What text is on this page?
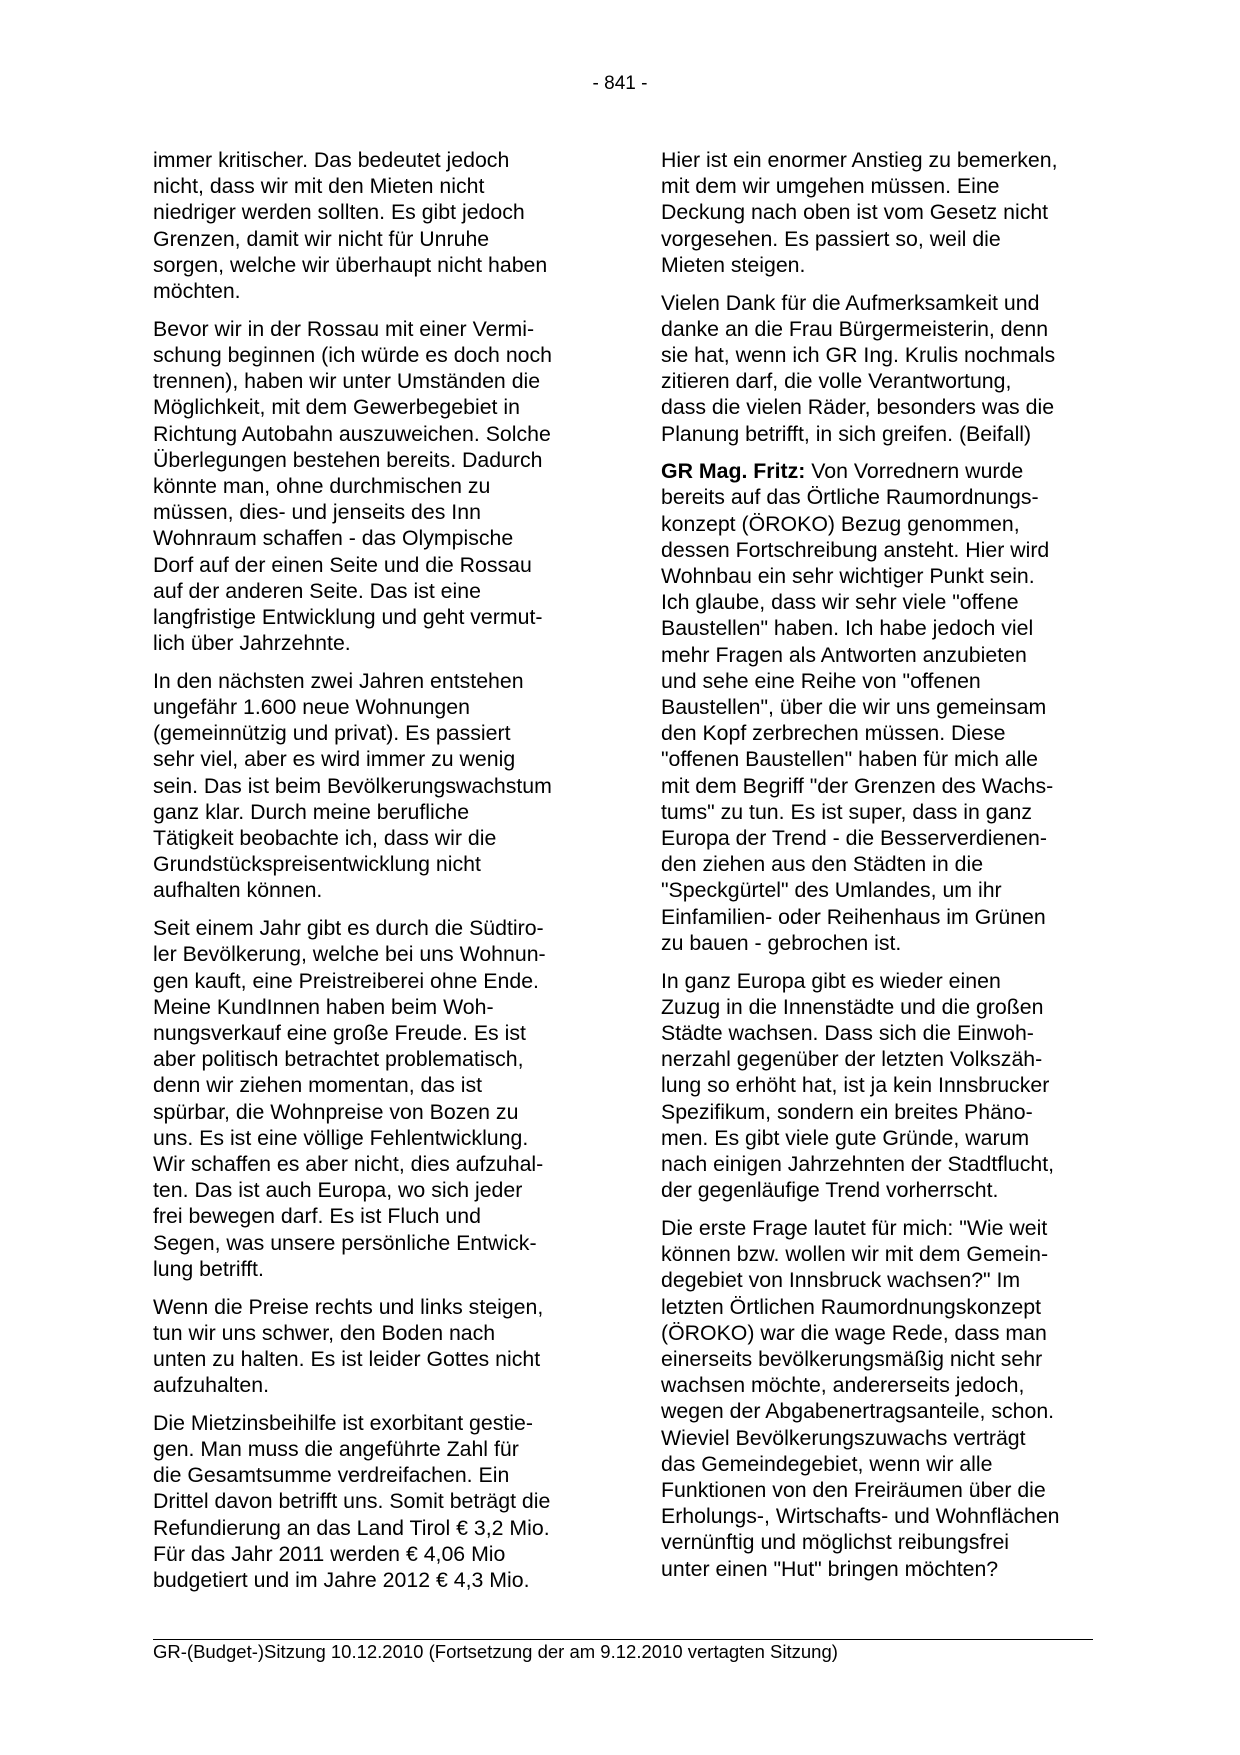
- 841 -

immer kritischer. Das bedeutet jedoch
nicht, dass wir mit den Mieten nicht
niedriger werden sollten. Es gibt jedoch
Grenzen, damit wir nicht für Unruhe
sorgen, welche wir überhaupt nicht haben
möchten.

Bevor wir in der Rossau mit einer Vermi-
schung beginnen (ich würde es doch noch
trennen), haben wir unter Umständen die
Möglichkeit, mit dem Gewerbegebiet in
Richtung Autobahn auszuweichen. Solche
Überlegungen bestehen bereits. Dadurch
könnte man, ohne durchmischen zu
müssen, dies- und jenseits des Inn
Wohnraum schaffen - das Olympische
Dorf auf der einen Seite und die Rossau
auf der anderen Seite. Das ist eine
langfristige Entwicklung und geht vermut-
lich über Jahrzehnte.

In den nächsten zwei Jahren entstehen
ungefähr 1.600 neue Wohnungen
(gemeinnützig und privat). Es passiert
sehr viel, aber es wird immer zu wenig
sein. Das ist beim Bevölkerungswachstum
ganz klar. Durch meine berufliche
Tätigkeit beobachte ich, dass wir die
Grundstückspreisentwicklung nicht
aufhalten können.

Seit einem Jahr gibt es durch die Südtiro-
ler Bevölkerung, welche bei uns Wohnun-
gen kauft, eine Preistreiberei ohne Ende.
Meine KundInnen haben beim Woh-
nungsverkauf eine große Freude. Es ist
aber politisch betrachtet problematisch,
denn wir ziehen momentan, das ist
spürbar, die Wohnpreise von Bozen zu
uns. Es ist eine völlige Fehlentwicklung.
Wir schaffen es aber nicht, dies aufzuhal-
ten. Das ist auch Europa, wo sich jeder
frei bewegen darf. Es ist Fluch und
Segen, was unsere persönliche Entwick-
lung betrifft.

Wenn die Preise rechts und links steigen,
tun wir uns schwer, den Boden nach
unten zu halten. Es ist leider Gottes nicht
aufzuhalten.

Die Mietzinsbeihilfe ist exorbitant gestie-
gen. Man muss die angeführte Zahl für
die Gesamtsumme verdreifachen. Ein
Drittel davon betrifft uns. Somit beträgt die
Refundierung an das Land Tirol € 3,2 Mio.
Für das Jahr 2011 werden € 4,06 Mio
budgetiert und im Jahre 2012 € 4,3 Mio.

Hier ist ein enormer Anstieg zu bemerken,
mit dem wir umgehen müssen. Eine
Deckung nach oben ist vom Gesetz nicht
vorgesehen. Es passiert so, weil die
Mieten steigen.

Vielen Dank für die Aufmerksamkeit und
danke an die Frau Bürgermeisterin, denn
sie hat, wenn ich GR Ing. Krulis nochmals
zitieren darf, die volle Verantwortung,
dass die vielen Räder, besonders was die
Planung betrifft, in sich greifen. (Beifall)

GR Mag. Fritz: Von Vorrednern wurde
bereits auf das Örtliche Raumordnungs-
konzept (ÖROKO) Bezug genommen,
dessen Fortschreibung ansteht. Hier wird
Wohnbau ein sehr wichtiger Punkt sein.
Ich glaube, dass wir sehr viele "offene
Baustellen" haben. Ich habe jedoch viel
mehr Fragen als Antworten anzubieten
und sehe eine Reihe von "offenen
Baustellen", über die wir uns gemeinsam
den Kopf zerbrechen müssen. Diese
"offenen Baustellen" haben für mich alle
mit dem Begriff "der Grenzen des Wachs-
tums" zu tun. Es ist super, dass in ganz
Europa der Trend - die Besserverdienen-
den ziehen aus den Städten in die
"Speckgürtel" des Umlandes, um ihr
Einfamilien- oder Reihenhaus im Grünen
zu bauen - gebrochen ist.

In ganz Europa gibt es wieder einen
Zuzug in die Innenstädte und die großen
Städte wachsen. Dass sich die Einwoh-
nerzahl gegenüber der letzten Volkszäh-
lung so erhöht hat, ist ja kein Innsbrucker
Spezifikum, sondern ein breites Phäno-
men. Es gibt viele gute Gründe, warum
nach einigen Jahrzehnten der Stadtflucht,
der gegenläufige Trend vorherrscht.

Die erste Frage lautet für mich: "Wie weit
können bzw. wollen wir mit dem Gemein-
degebiet von Innsbruck wachsen?" Im
letzten Örtlichen Raumordnungskonzept
(ÖROKO) war die wage Rede, dass man
einerseits bevölkerungsmäßig nicht sehr
wachsen möchte, andererseits jedoch,
wegen der Abgabenertragsanteile, schon.
Wieviel Bevölkerungszuwachs verträgt
das Gemeindegebiet, wenn wir alle
Funktionen von den Freiräumen über die
Erholungs-, Wirtschafts- und Wohnflächen
vernünftig und möglichst reibungsfrei
unter einen "Hut" bringen möchten?

GR-(Budget-)Sitzung 10.12.2010 (Fortsetzung der am 9.12.2010 vertagten Sitzung)
